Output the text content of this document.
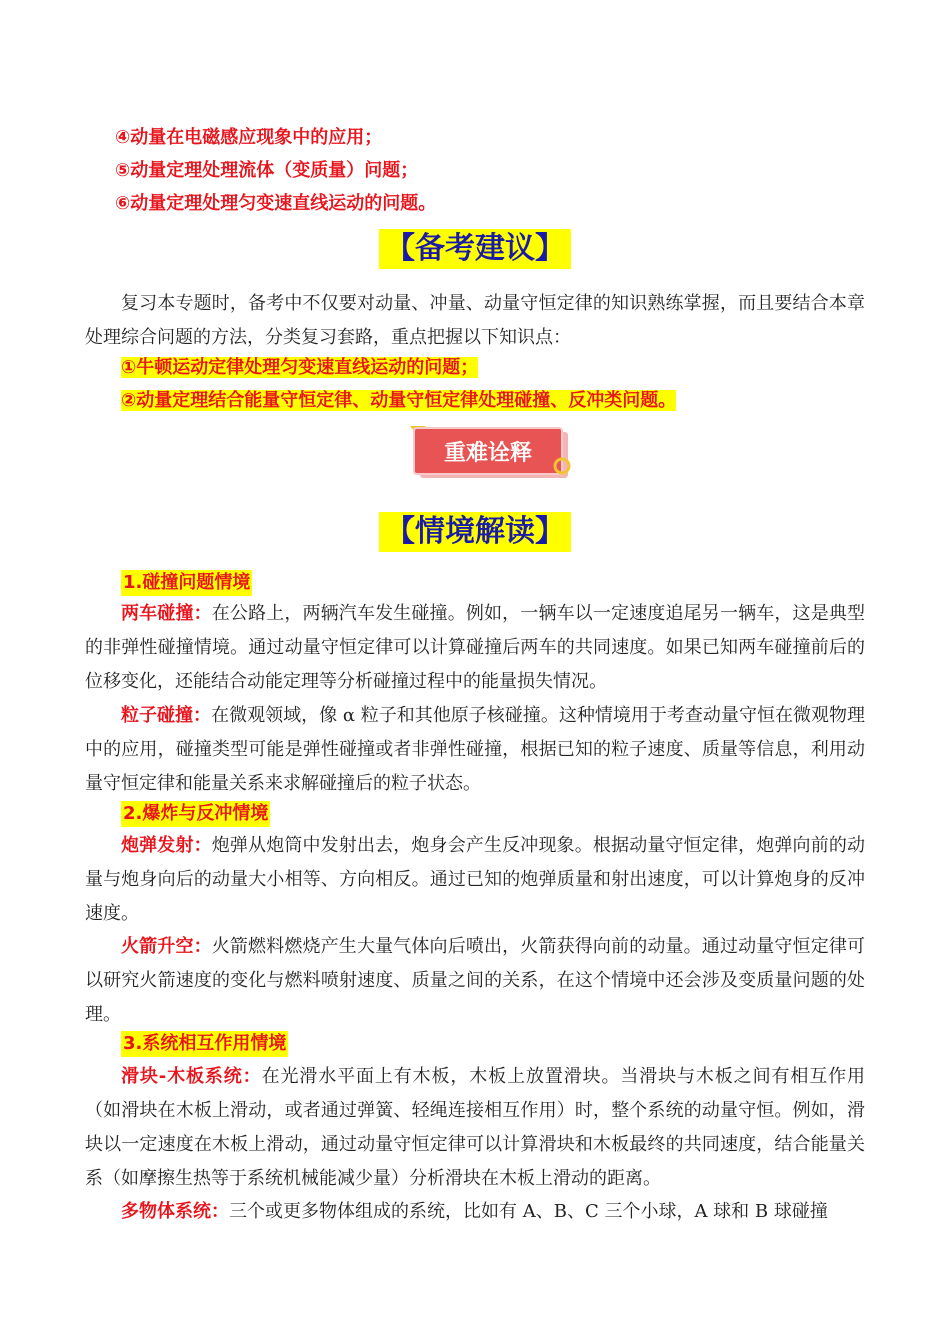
④动量在电磁感应现象中的应用；
⑤动量定理处理流体（变质量）问题；
⑥动量定理处理匀变速直线运动的问题。
【备考建议】
复习本专题时，备考中不仅要对动量、冲量、动量守恒定律的知识熟练掌握，而且要结合本章处理综合问题的方法，分类复习套路，重点把握以下知识点：
①牛顿运动定律处理匀变速直线运动的问题；
②动量定理结合能量守恒定律、动量守恒定律处理碰撞、反冲类问题。
重难诠释
【情境解读】
1.碰撞问题情境
两车碰撞：在公路上，两辆汽车发生碰撞。例如，一辆车以一定速度追尾另一辆车，这是典型的非弹性碰撞情境。通过动量守恒定律可以计算碰撞后两车的共同速度。如果已知两车碰撞前后的位移变化，还能结合动能定理等分析碰撞过程中的能量损失情况。
粒子碰撞：在微观领域，像 α 粒子和其他原子核碰撞。这种情境用于考查动量守恒在微观物理中的应用，碰撞类型可能是弹性碰撞或者非弹性碰撞，根据已知的粒子速度、质量等信息，利用动量守恒定律和能量关系来求解碰撞后的粒子状态。
2.爆炸与反冲情境
炮弹发射：炮弹从炮筒中发射出去，炮身会产生反冲现象。根据动量守恒定律，炮弹向前的动量与炮身向后的动量大小相等、方向相反。通过已知的炮弹质量和射出速度，可以计算炮身的反冲速度。
火箭升空：火箭燃料燃烧产生大量气体向后喷出，火箭获得向前的动量。通过动量守恒定律可以研究火箭速度的变化与燃料喷射速度、质量之间的关系，在这个情境中还会涉及变质量问题的处理。
3.系统相互作用情境
滑块-木板系统：在光滑水平面上有木板，木板上放置滑块。当滑块与木板之间有相互作用（如滑块在木板上滑动，或者通过弹簧、轻绳连接相互作用）时，整个系统的动量守恒。例如，滑块以一定速度在木板上滑动，通过动量守恒定律可以计算滑块和木板最终的共同速度，结合能量关系（如摩擦生热等于系统机械能减少量）分析滑块在木板上滑动的距离。
多物体系统：三个或更多物体组成的系统，比如有 A、B、C 三个小球，A 球和 B 球碰撞
